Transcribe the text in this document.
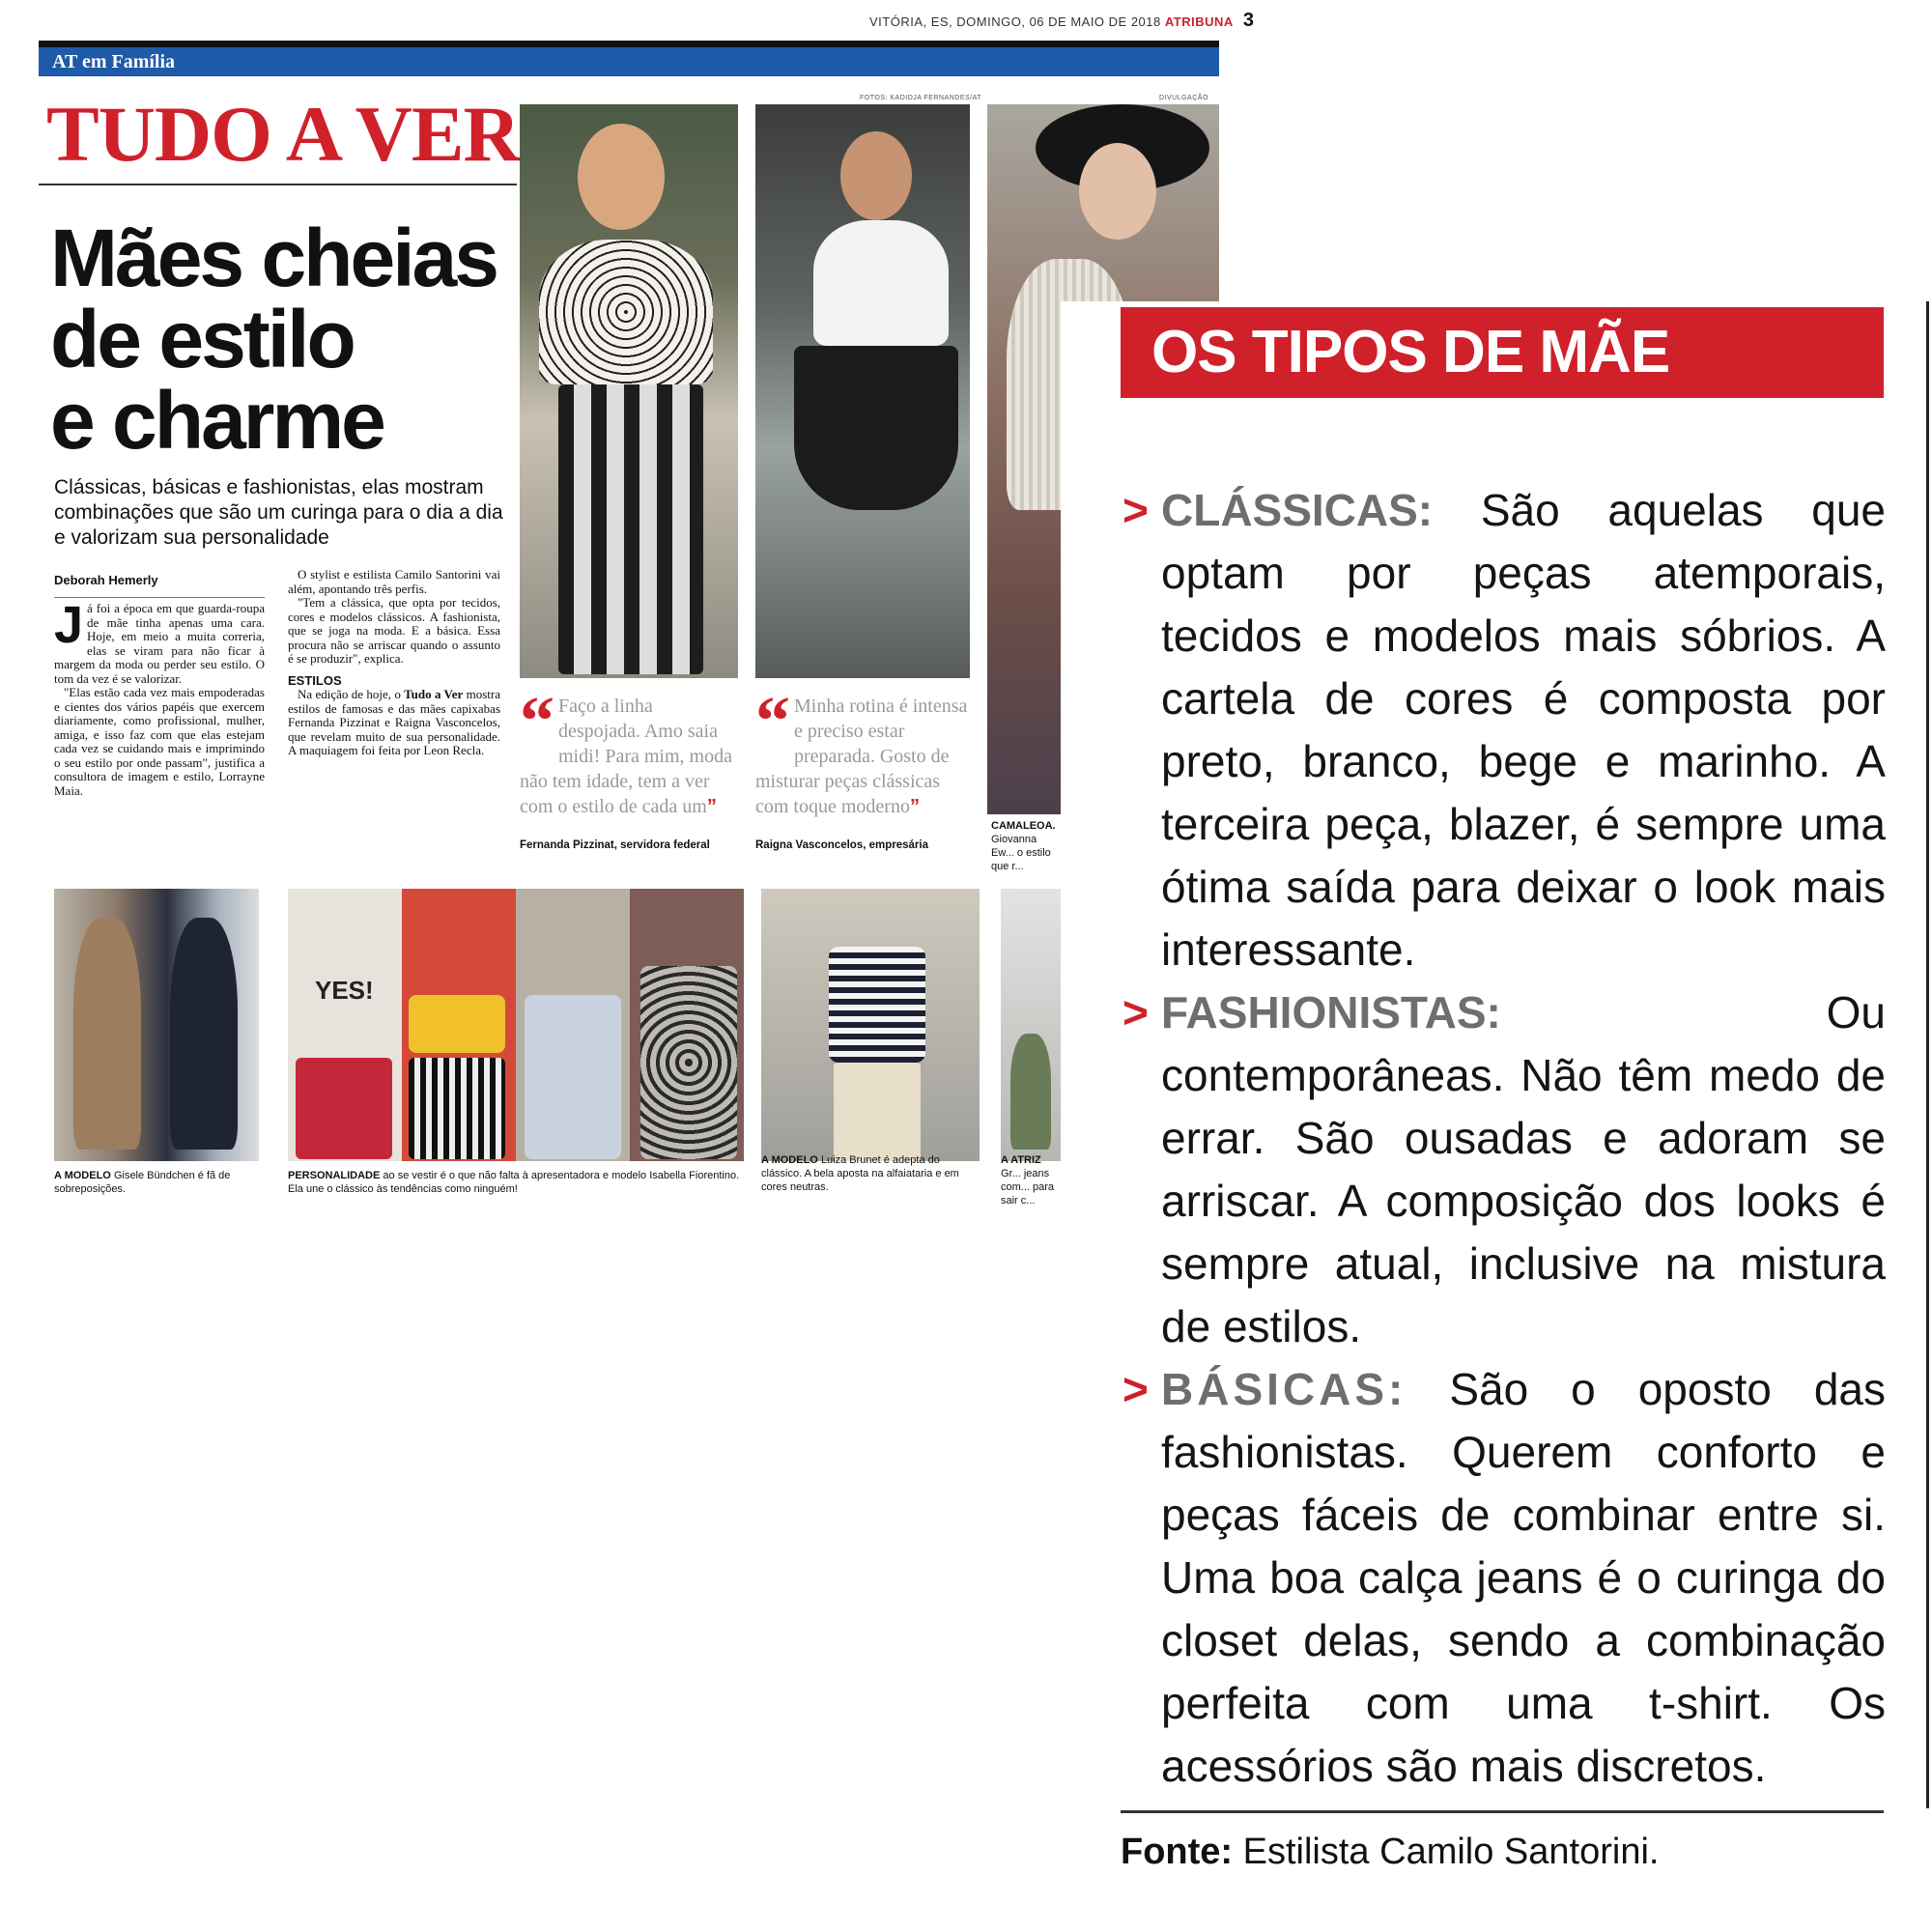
VITÓRIA, ES, DOMINGO, 06 DE MAIO DE 2018 ATRIBUNA 3
AT em Família
TUDO A VER
Mães cheias
de estilo
e charme
Clássicas, básicas e fashionistas, elas mostram combinações que são um curinga para o dia a dia e valorizam sua personalidade
Deborah Hemerly
J á foi a época em que guarda-roupa de mãe tinha apenas uma cara. Hoje, em meio a muita correria, elas se viram para não ficar à margem da moda ou perder seu estilo. O tom da vez é se valorizar.
"Elas estão cada vez mais empoderadas e cientes dos vários papéis que exercem diariamente, como profissional, mulher, amiga, e isso faz com que elas estejam cada vez se cuidando mais e imprimindo o seu estilo por onde passam", justifica a consultora de imagem e estilo, Lorrayne Maia.
O stylist e estilista Camilo Santorini vai além, apontando três perfis.
"Tem a clássica, que opta por tecidos, cores e modelos clássicos. A fashionista, que se joga na moda. E a básica. Essa procura não se arriscar quando o assunto é se produzir", explica.
ESTILOS
Na edição de hoje, o Tudo a Ver mostra estilos de famosas e das mães capixabas Fernanda Pizzinat e Raigna Vasconcelos, que revelam muito de sua personalidade. A maquiagem foi feita por Leon Recla.
FOTOS: KADIDJA FERNANDES/AT	DIVULGAÇÃO
“ Faço a linha despojada. Amo saia midi! Para mim, moda não tem idade, tem a ver com o estilo de cada um”
Fernanda Pizzinat, servidora federal
“ Minha rotina é intensa e preciso estar preparada. Gosto de misturar peças clássicas com toque moderno”
Raigna Vasconcelos, empresária
CAMALEOA. Giovanna Ew... o estilo que r...
YES!
A MODELO Gisele Bündchen é fã de sobreposições.
PERSONALIDADE ao se vestir é o que não falta à apresentadora e modelo Isabella Fiorentino. Ela une o clássico às tendências como ninguém!
A MODELO Luiza Brunet é adepta do clássico. A bela aposta na alfaiataria e em cores neutras.
A ATRIZ Gr... jeans com... para sair c...
OS TIPOS DE MÃE
> CLÁSSICAS: São aquelas que optam por peças atemporais, tecidos e modelos mais sóbrios. A cartela de cores é composta por preto, branco, bege e marinho. A terceira peça, blazer, é sempre uma ótima saída para deixar o look mais interessante.
> FASHIONISTAS:	Ou contemporâneas. Não têm medo de errar. São ousadas e adoram se arriscar. A composição dos looks é sempre atual, inclusive na mistura de estilos.
> BÁSICAS: São o oposto das fashionistas. Querem conforto e peças fáceis de combinar entre si. Uma boa calça jeans é o curinga do closet delas, sendo a combinação perfeita com uma t-shirt. Os acessórios são mais discretos.
Fonte: Estilista Camilo Santorini.
